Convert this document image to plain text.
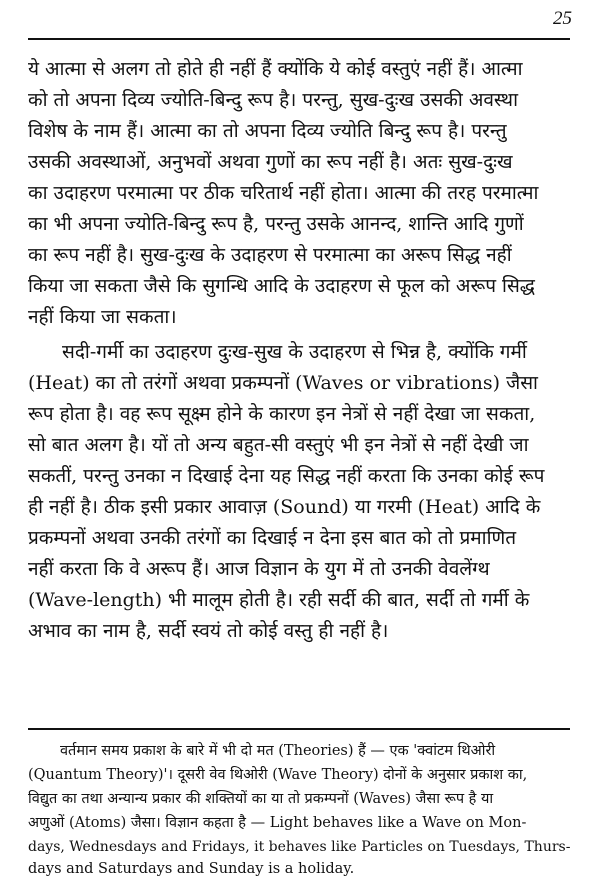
25
ये आत्मा से अलग तो होते ही नहीं हैं क्योंकि ये कोई वस्तुएं नहीं हैं। आत्मा
को तो अपना दिव्य ज्योति-बिन्दु रूप है। परन्तु, सुख-दुःख उसकी अवस्था
विशेष के नाम हैं। आत्मा का तो अपना दिव्य ज्योति बिन्दु रूप है। परन्तु
उसकी अवस्थाओं, अनुभवों अथवा गुणों का रूप नहीं है। अतः सुख-दुःख
का उदाहरण परमात्मा पर ठीक चरितार्थ नहीं होता। आत्मा की तरह परमात्मा
का भी अपना ज्योति-बिन्दु रूप है, परन्तु उसके आनन्द, शान्ति आदि गुणों
का रूप नहीं है। सुख-दुःख के उदाहरण से परमात्मा का अरूप सिद्ध नहीं
किया जा सकता जैसे कि सुगन्धि आदि के उदाहरण से फूल को अरूप सिद्ध
नहीं किया जा सकता।
सदी-गर्मी का उदाहरण दुःख-सुख के उदाहरण से भिन्न है, क्योंकि गर्मी
(Heat) का तो तरंगों अथवा प्रकम्पनों (Waves or vibrations) जैसा
रूप होता है। वह रूप सूक्ष्म होने के कारण इन नेत्रों से नहीं देखा जा सकता,
सो बात अलग है। यों तो अन्य बहुत-सी वस्तुएं भी इन नेत्रों से नहीं देखी जा
सकतीं, परन्तु उनका न दिखाई देना यह सिद्ध नहीं करता कि उनका कोई रूप
ही नहीं है। ठीक इसी प्रकार आवाज़ (Sound) या गरमी (Heat) आदि के
प्रकम्पनों अथवा उनकी तरंगों का दिखाई न देना इस बात को तो प्रमाणित
नहीं करता कि वे अरूप हैं। आज विज्ञान के युग में तो उनकी वेवलेंग्थ
(Wave-length) भी मालूम होती है। रही सर्दी की बात, सर्दी तो गर्मी के
अभाव का नाम है, सर्दी स्वयं तो कोई वस्तु ही नहीं है।
वर्तमान समय प्रकाश के बारे में भी दो मत (Theories) हैं — एक 'क्वांटम थिओरी
(Quantum Theory)'। दूसरी वेव थिओरी (Wave Theory) दोनों के अनुसार प्रकाश का,
विद्युत का तथा अन्यान्य प्रकार की शक्तियों का या तो प्रकम्पनों (Waves) जैसा रूप है या
अणुओं (Atoms) जैसा। विज्ञान कहता है — Light behaves like a Wave on Mon-
days, Wednesdays and Fridays, it behaves like Particles on Tuesdays, Thurs-
days and Saturdays and Sunday is a holiday.
